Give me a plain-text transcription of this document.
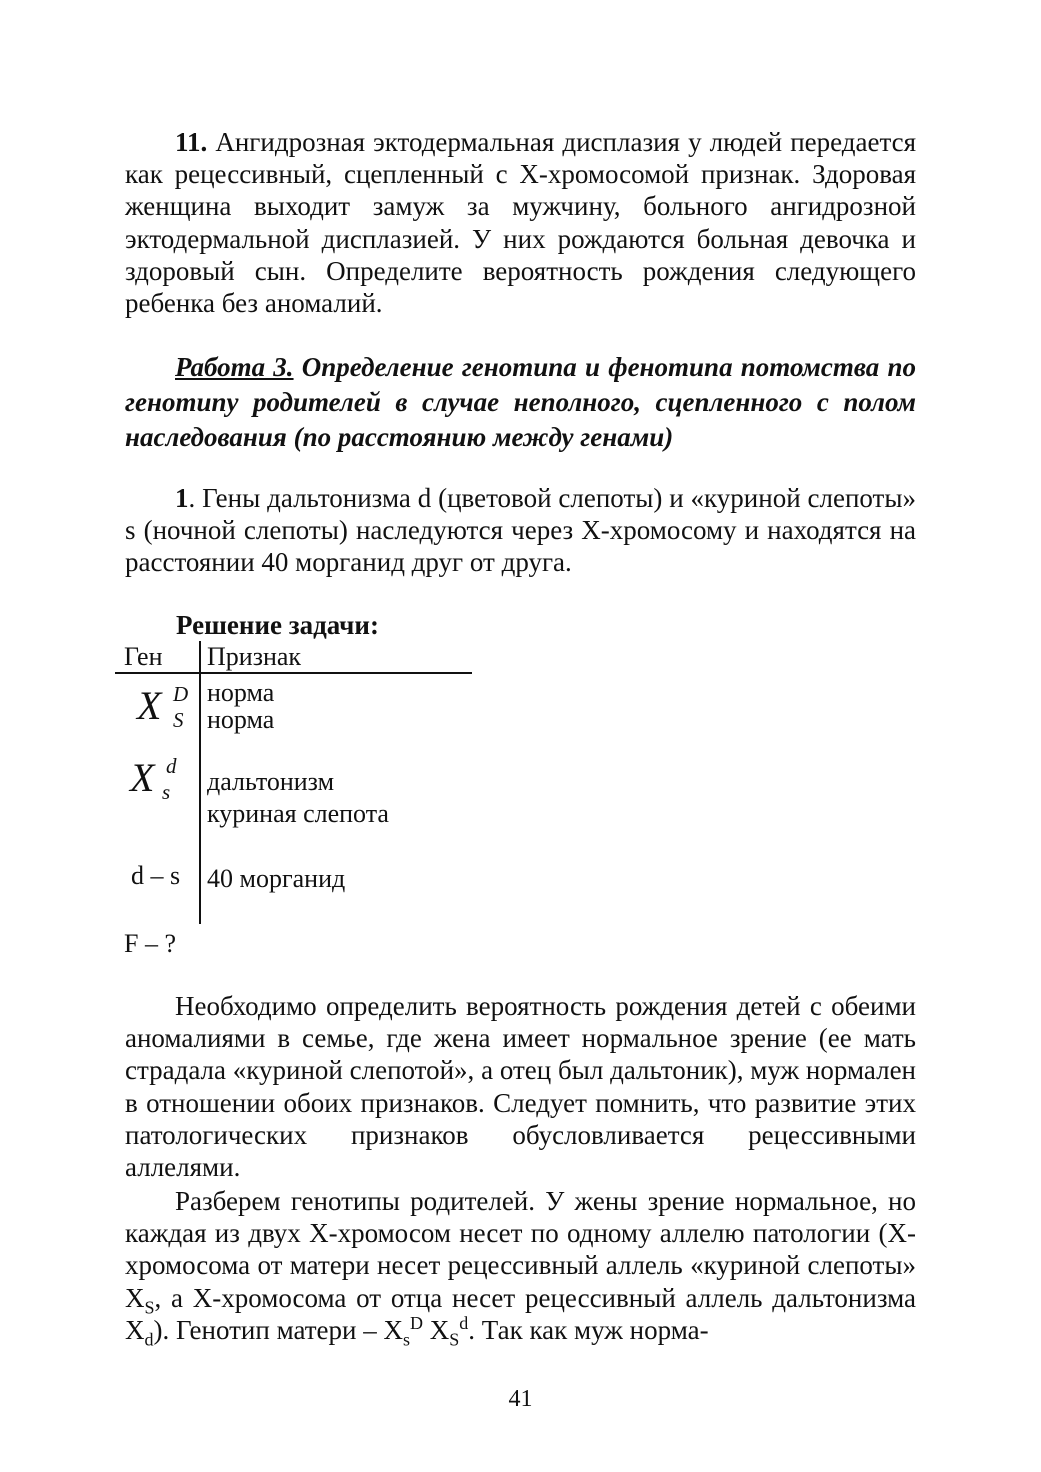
11. Ангидрозная эктодермальная дисплазия у людей передается как рецессивный, сцепленный с X-хромосомой признак. Здоровая женщина выходит замуж за мужчину, больного ангидрозной эктодермальной дисплазией. У них рождаются больная девочка и здоровый сын. Определите вероятность рождения следующего ребенка без аномалий.

Работа 3. Определение генотипа и фенотипа потомства по генотипу родителей в случае неполного, сцепленного с полом наследования (по расстоянию между генами)

1. Гены дальтонизма d (цветовой слепоты) и «куриной слепоты» s (ночной слепоты) наследуются через X-хромосому и находятся на расстоянии 40 морганид друг от друга.

Решение задачи:
Ген Признак
X D
S
норма
норма
X d
s дальтонизм
куриная слепота
d – s 40 морганид
F – ?

Необходимо определить вероятность рождения детей с обеими аномалиями в семье, где жена имеет нормальное зрение (ее мать страдала «куриной слепотой», а отец был дальтоник), муж нормален в отношении обоих признаков. Следует помнить, что развитие этих патологических признаков обусловливается рецессивными аллелями.

Разберем генотипы родителей. У жены зрение нормальное, но каждая из двух X-хромосом несет по одному аллелю патологии (X-хромосома от матери несет рецессивный аллель «куриной слепоты» $X_S$, а X-хромосома от отца несет рецессивный аллель дальтонизма $X_d$). Генотип матери – $X_s^D$ $X_S^d$. Так как муж норма-

41
